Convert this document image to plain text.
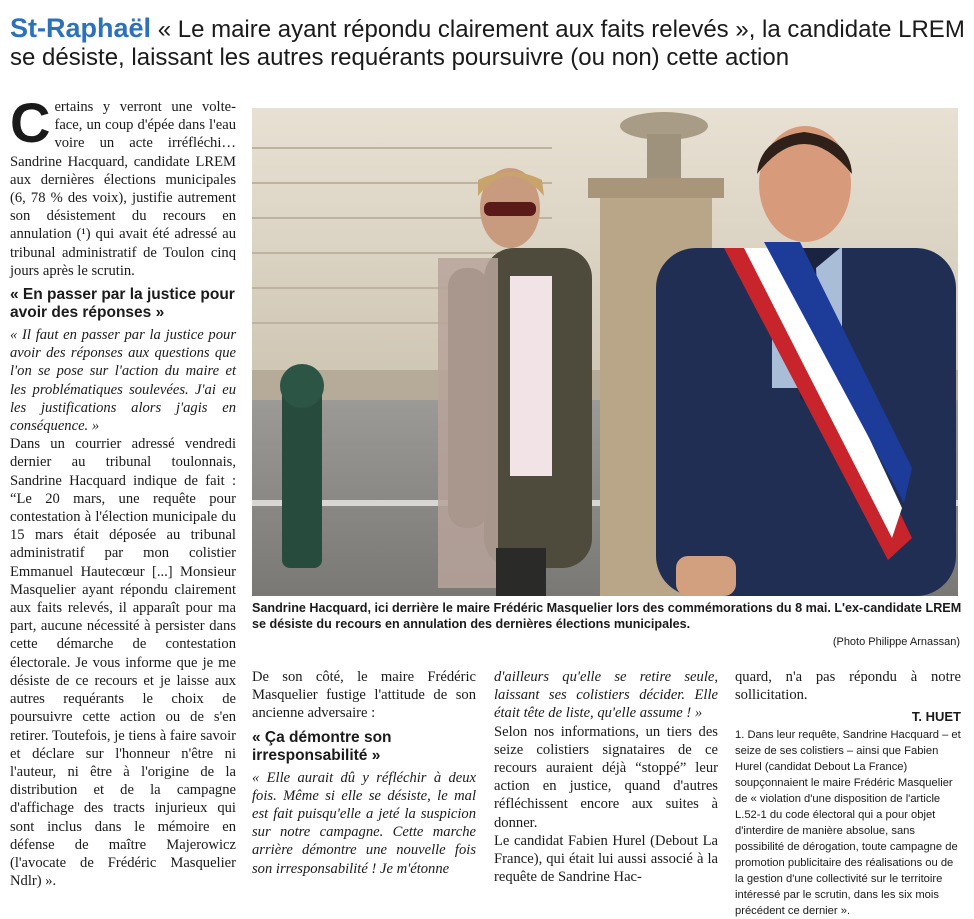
St-Raphaël « Le maire ayant répondu clairement aux faits relevés », la candidate LREM se désiste, laissant les autres requérants poursuivre (ou non) cette action

Certains y verront une volte-face, un coup d'épée dans l'eau voire un acte irréfléchi… Sandrine Hacquard, candidate LREM aux dernières élections municipales (6, 78 % des voix), justifie autrement son désistement du recours en annulation (¹) qui avait été adressé au tribunal administratif de Toulon cinq jours après le scrutin.

« En passer par la justice pour avoir des réponses »

« Il faut en passer par la justice pour avoir des réponses aux questions que l'on se pose sur l'action du maire et les problématiques soulevées. J'ai eu les justifications alors j'agis en conséquence. »

Dans un courrier adressé vendredi dernier au tribunal toulonnais, Sandrine Hacquard indique de fait : “Le 20 mars, une requête pour contestation à l'élection municipale du 15 mars était déposée au tribunal administratif par mon colistier Emmanuel Hautecœur [...] Monsieur Masquelier ayant répondu clairement aux faits relevés, il apparaît pour ma part, aucune nécessité à persister dans cette démarche de contestation électorale. Je vous informe que je me désiste de ce recours et je laisse aux autres requérants le choix de poursuivre cette action ou de s'en retirer. Toutefois, je tiens à faire savoir et déclare sur l'honneur n'être ni l'auteur, ni être à l'origine de la distribution et de la campagne d'affichage des tracts injurieux qui sont inclus dans le mémoire en défense de maître Majerowicz (l'avocate de Frédéric Masquelier Ndlr) ».

Sandrine Hacquard, ici derrière le maire Frédéric Masquelier lors des commémorations du 8 mai. L'ex-candidate LREM se désiste du recours en annulation des dernières élections municipales.
(Photo Philippe Arnassan)

De son côté, le maire Frédéric Masquelier fustige l'attitude de son ancienne adversaire :

« Ça démontre son irresponsabilité »

« Elle aurait dû y réfléchir à deux fois. Même si elle se désiste, le mal est fait puisqu'elle a jeté la suspicion sur notre campagne. Cette marche arrière démontre une nouvelle fois son irresponsabilité ! Je m'étonne

d'ailleurs qu'elle se retire seule, laissant ses colistiers décider. Elle était tête de liste, qu'elle assume ! »

Selon nos informations, un tiers des seize colistiers signataires de ce recours auraient déjà “stoppé” leur action en justice, quand d'autres réfléchissent encore aux suites à donner.

Le candidat Fabien Hurel (Debout La France), qui était lui aussi associé à la requête de Sandrine Hac-

quard, n'a pas répondu à notre sollicitation.

T. HUET

1. Dans leur requête, Sandrine Hacquard – et seize de ses colistiers – ainsi que Fabien Hurel (candidat Debout La France) soupçonnaient le maire Frédéric Masquelier de « violation d'une disposition de l'article L.52-1 du code électoral qui a pour objet d'interdire de manière absolue, sans possibilité de dérogation, toute campagne de promotion publicitaire des réalisations ou de la gestion d'une collectivité sur le territoire intéressé par le scrutin, dans les six mois précédent ce dernier ».
